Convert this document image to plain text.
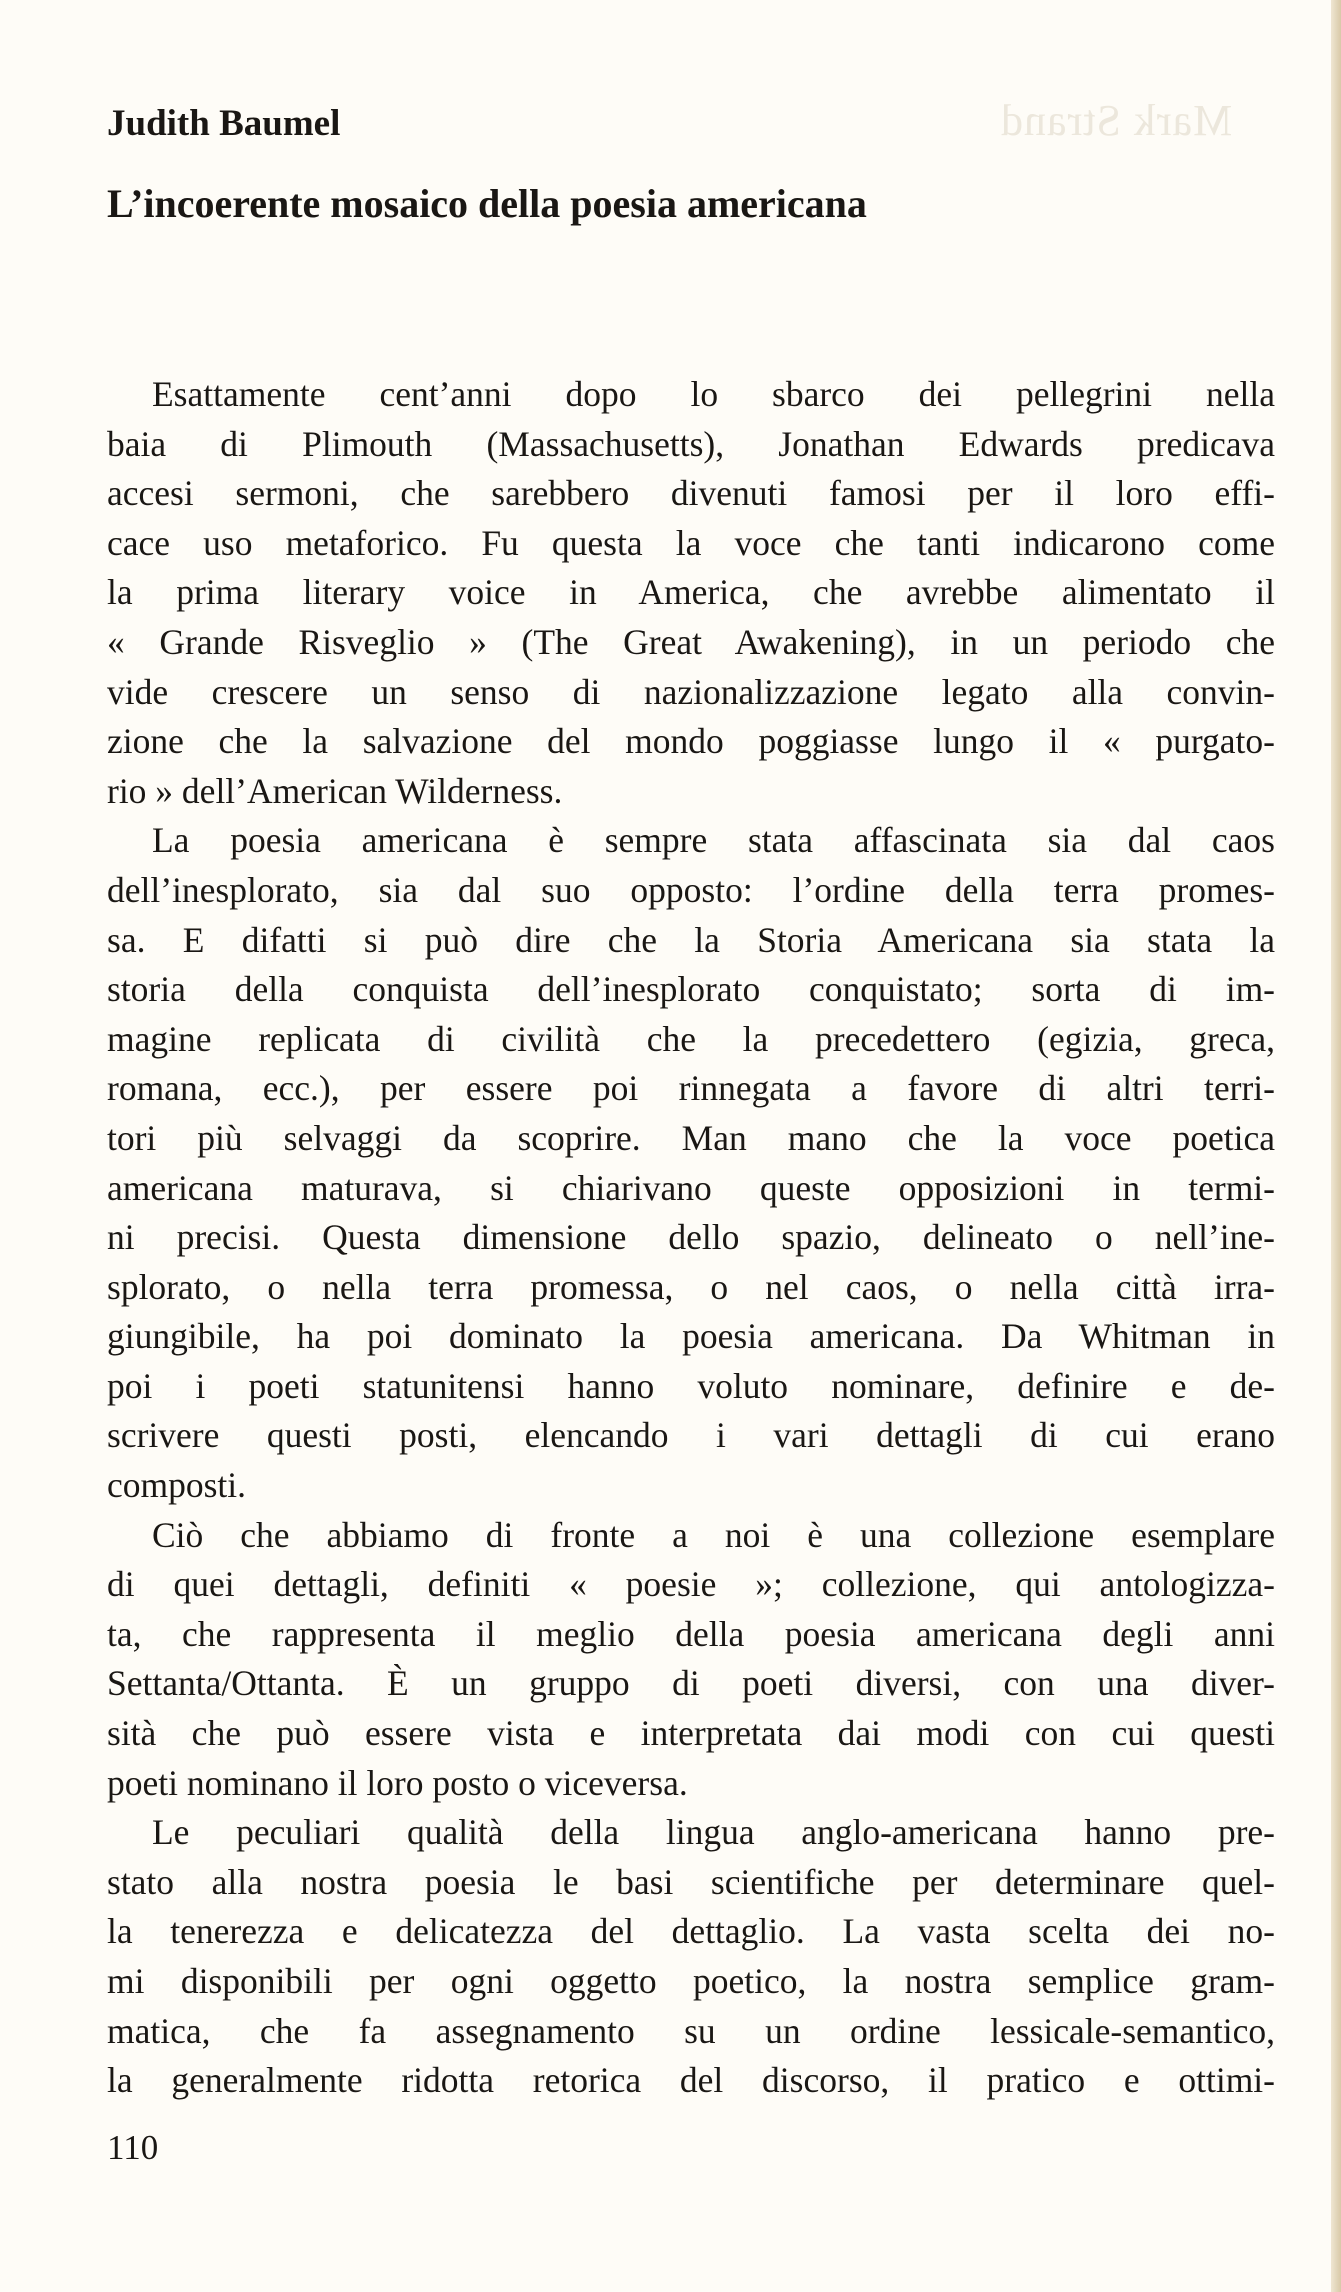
Mark Strand
Judith Baumel
L’incoerente mosaico della poesia americana
Esattamente cent’anni dopo lo sbarco dei pellegrini nella
baia di Plimouth (Massachusetts), Jonathan Edwards predicava
accesi sermoni, che sarebbero divenuti famosi per il loro effi-
cace uso metaforico. Fu questa la voce che tanti indicarono come
la prima literary voice in America, che avrebbe alimentato il
« Grande Risveglio » (The Great Awakening), in un periodo che
vide crescere un senso di nazionalizzazione legato alla convin-
zione che la salvazione del mondo poggiasse lungo il « purgato-
rio » dell’American Wilderness.
La poesia americana è sempre stata affascinata sia dal caos
dell’inesplorato, sia dal suo opposto: l’ordine della terra promes-
sa. E difatti si può dire che la Storia Americana sia stata la
storia della conquista dell’inesplorato conquistato; sorta di im-
magine replicata di civilità che la precedettero (egizia, greca,
romana, ecc.), per essere poi rinnegata a favore di altri terri-
tori più selvaggi da scoprire. Man mano che la voce poetica
americana maturava, si chiarivano queste opposizioni in termi-
ni precisi. Questa dimensione dello spazio, delineato o nell’ine-
splorato, o nella terra promessa, o nel caos, o nella città irra-
giungibile, ha poi dominato la poesia americana. Da Whitman in
poi i poeti statunitensi hanno voluto nominare, definire e de-
scrivere questi posti, elencando i vari dettagli di cui erano
composti.
Ciò che abbiamo di fronte a noi è una collezione esemplare
di quei dettagli, definiti « poesie »; collezione, qui antologizza-
ta, che rappresenta il meglio della poesia americana degli anni
Settanta/Ottanta. È un gruppo di poeti diversi, con una diver-
sità che può essere vista e interpretata dai modi con cui questi
poeti nominano il loro posto o viceversa.
Le peculiari qualità della lingua anglo-americana hanno pre-
stato alla nostra poesia le basi scientifiche per determinare quel-
la tenerezza e delicatezza del dettaglio. La vasta scelta dei no-
mi disponibili per ogni oggetto poetico, la nostra semplice gram-
matica, che fa assegnamento su un ordine lessicale-semantico,
la generalmente ridotta retorica del discorso, il pratico e ottimi-
110
